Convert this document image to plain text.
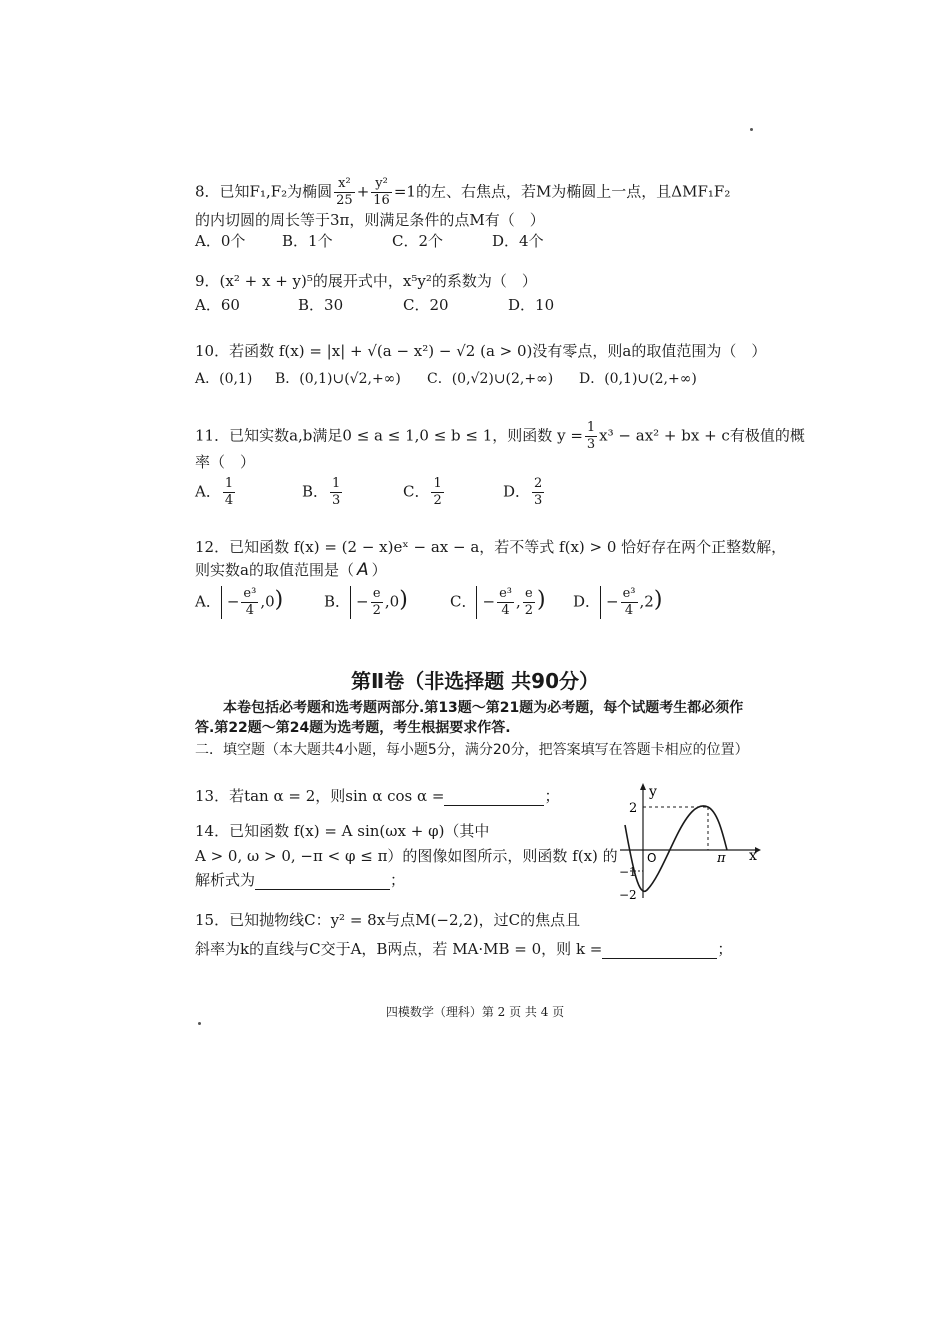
8．已知F₁,F₂为椭圆 $\frac{\text{x²}}{25} + \frac{\text{y²}}{16} =1$的左、右焦点，若M为椭圆上一点，且ΔMF₁F₂
的内切圆的周长等于3π，则满足条件的点M有（　）
A．0个 B．1个	C．2个	D．4个
9．(x² + x + y)⁵的展开式中，x⁵y²的系数为（　）
A．60	B．30	C．20	D．10
10．若函数 f(x) = |x| + √(a − x²) − √2 (a > 0)没有零点，则a的取值范围为（　）
A．(0,1) B．(0,1)∪(√2,+∞) C．(0,√2)∪(2,+∞) D．(0,1)∪(2,+∞)
11．已知实数a,b满足0 ≤ a ≤ 1,0 ≤ b ≤ 1，则函数 $y = \frac{1}{3} x^3 - ax^2$ + bx + c有极值的概
率（　）
A． $\frac{1}{4}$	B． $\frac{1}{3}$	C． $\frac{1}{2}$	D． $\frac{2}{3}$
12．已知函数 f(x) = (2 − x)eˣ − ax − a，若不等式 f(x) > 0 恰好存在两个正整数解，
则实数a的取值范围是（ A ）
A． − $\frac{\text{e³}}{4} ,0$)	B． − $\frac{e}{2} ,0$)	C． − $\frac{\text{e³}}{4}$ , $\frac{e}{2}$ )	D． − $\frac{\text{e³}}{4} ,2$)
第Ⅱ卷（非选择题 共90分）
本卷包括必考题和选考题两部分.第13题～第21题为必考题，每个试题考生都必须作答.第22题～第24题为选考题，考生根据要求作答.
二．填空题（本大题共4小题，每小题5分，满分20分，把答案填写在答题卡相应的位置）
13．若tan α = 2，则sin α cos α =	；
14．已知函数 f(x) = A sin(ωx + φ)（其中
A > 0, ω > 0, −π < φ ≤ π）的图像如图所示，则函数 f(x) 的
解析式为	；
y
x
O
2
−1
−2
π
15．已知抛物线C：y² = 8x与点M(−2,2)，过C的焦点且
斜率为k的直线与C交于A，B两点，若 MA·MB = 0，则 k =	；
四模数学（理科）第 2 页 共 4 页
